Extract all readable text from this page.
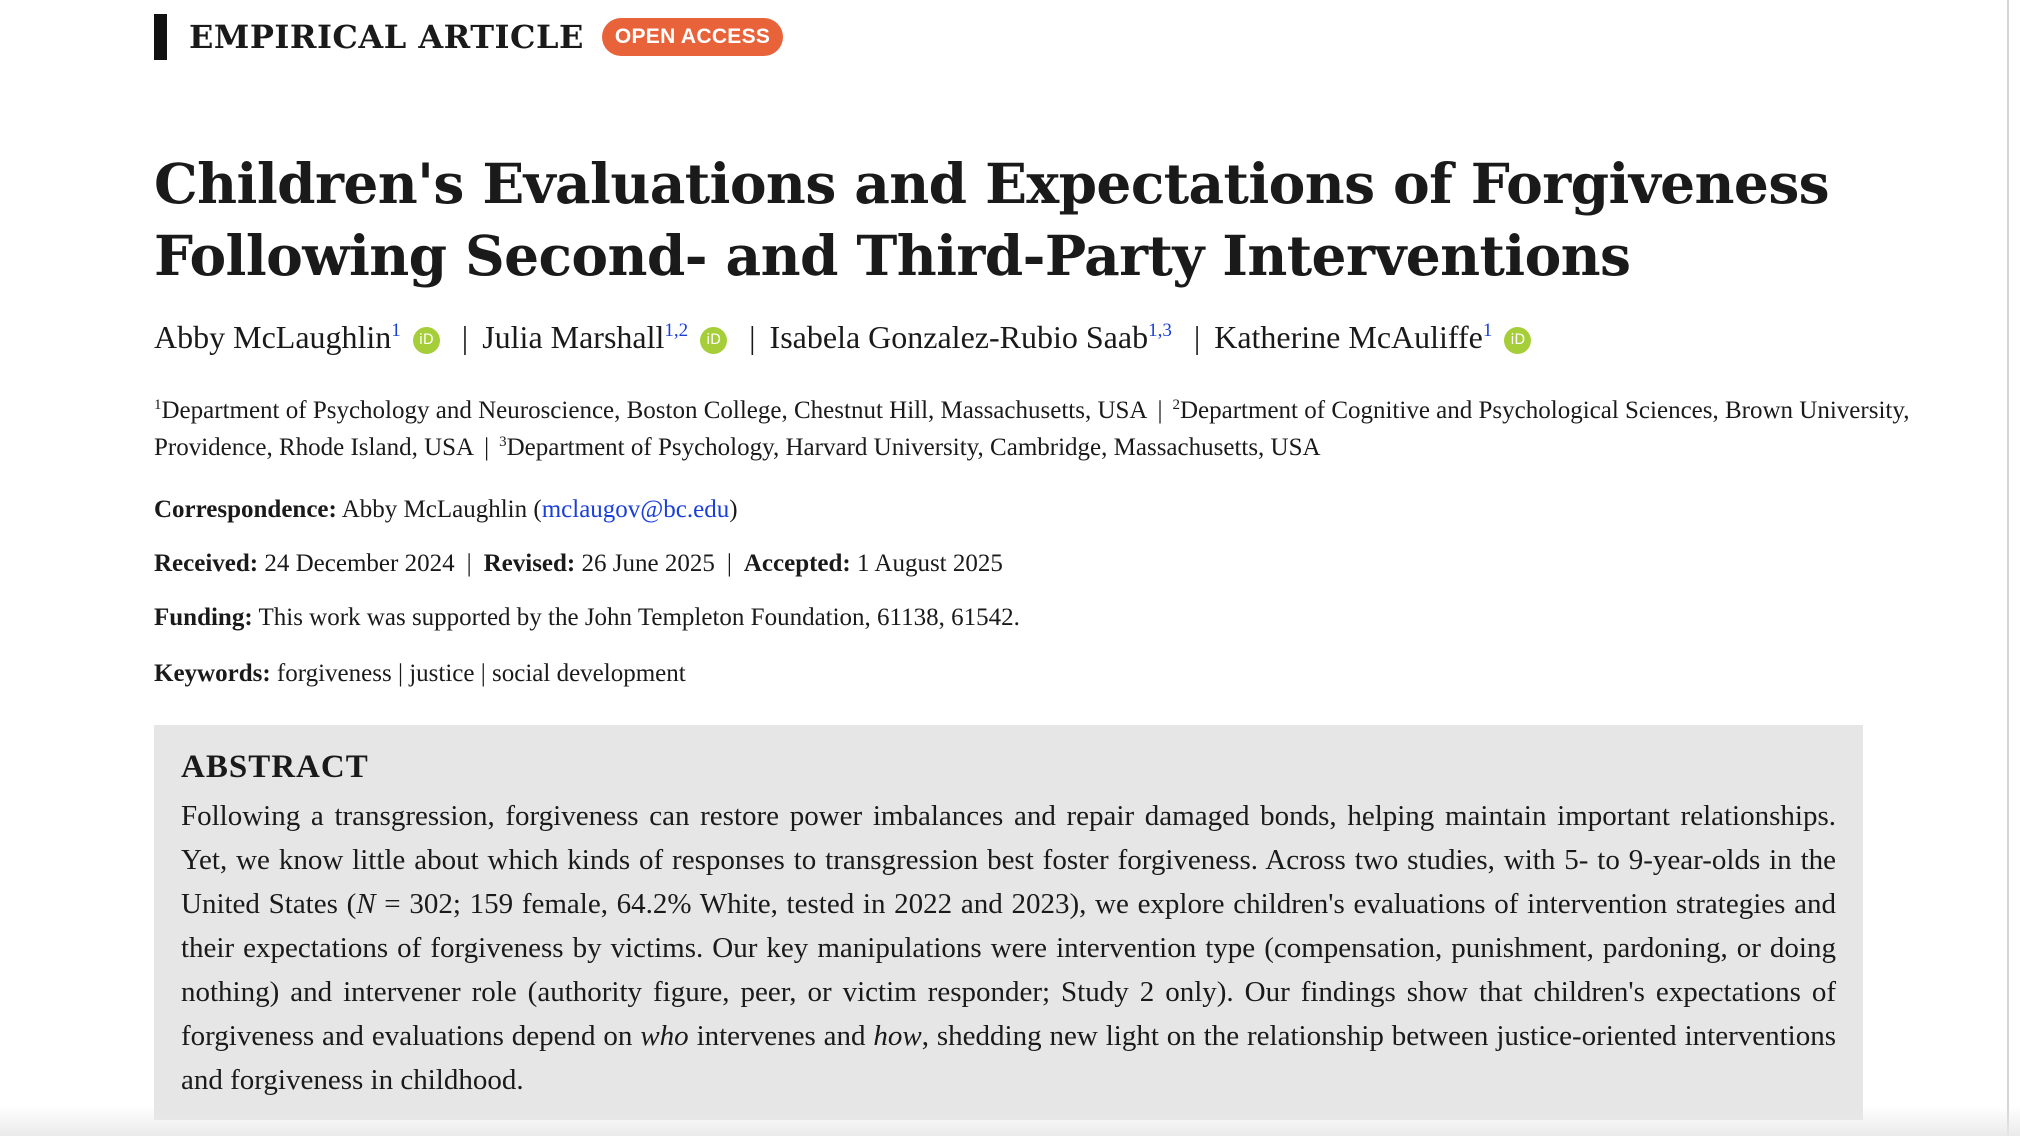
EMPIRICAL ARTICLE	OPEN ACCESS
Children's Evaluations and Expectations of Forgiveness Following Second- and Third-Party Interventions
Abby McLaughlin$^1$ iD | Julia Marshall$^{1,2}$ iD | Isabela Gonzalez-Rubio Saab$^{1,3}$ | Katherine McAuliffe$^1$ iD
$^1$Department of Psychology and Neuroscience, Boston College, Chestnut Hill, Massachusetts, USA | $^2$Department of Cognitive and Psychological Sciences, Brown University, Providence, Rhode Island, USA | $^3$Department of Psychology, Harvard University, Cambridge, Massachusetts, USA
Correspondence: Abby McLaughlin (mclaugov@bc.edu)
Received: 24 December 2024 | Revised: 26 June 2025 | Accepted: 1 August 2025
Funding: This work was supported by the John Templeton Foundation, 61138, 61542.
Keywords: forgiveness | justice | social development
ABSTRACT
Following a transgression, forgiveness can restore power imbalances and repair damaged bonds, helping maintain important relationships. Yet, we know little about which kinds of responses to transgression best foster forgiveness. Across two studies, with 5- to 9-year-olds in the United States (N = 302; 159 female, 64.2% White, tested in 2022 and 2023), we explore children's evaluations of intervention strategies and their expectations of forgiveness by victims. Our key manipulations were intervention type (compensation, punishment, pardoning, or doing nothing) and intervener role (authority figure, peer, or victim responder; Study 2 only). Our findings show that children's expectations of forgiveness and evaluations depend on who intervenes and how, shedding new light on the relationship between justice-oriented interventions and forgiveness in childhood.
